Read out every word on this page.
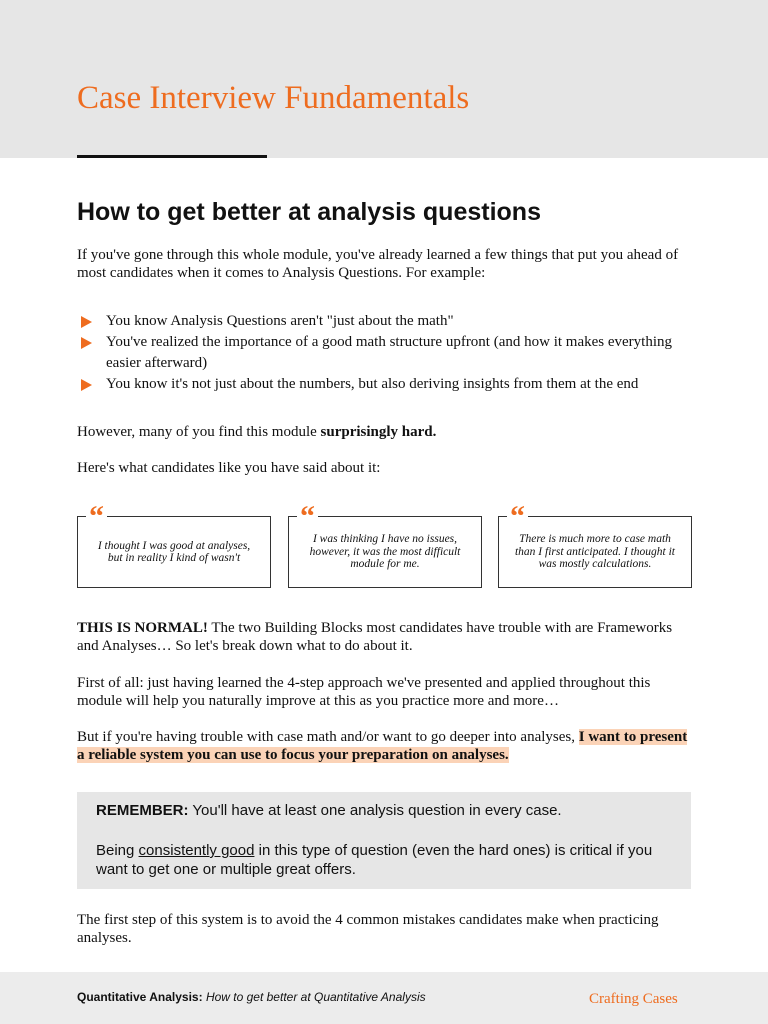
Case Interview Fundamentals
How to get better at analysis questions
If you've gone through this whole module, you've already learned a few things that put you ahead of most candidates when it comes to Analysis Questions. For example:
You know Analysis Questions aren't "just about the math"
You've realized the importance of a good math structure upfront (and how it makes everything easier afterward)
You know it's not just about the numbers, but also deriving insights from them at the end
However, many of you find this module surprisingly hard.
Here's what candidates like you have said about it:
“
I thought I was good at analyses, but in reality I kind of wasn't
“
I was thinking I have no issues, however, it was the most difficult module for me.
“
There is much more to case math than I first anticipated. I thought it was mostly calculations.
THIS IS NORMAL! The two Building Blocks most candidates have trouble with are Frameworks and Analyses… So let's break down what to do about it.
First of all: just having learned the 4-step approach we've presented and applied throughout this module will help you naturally improve at this as you practice more and more…
But if you're having trouble with case math and/or want to go deeper into analyses, I want to present a reliable system you can use to focus your preparation on analyses.
REMEMBER: You'll have at least one analysis question in every case.
Being consistently good in this type of question (even the hard ones) is critical if you want to get one or multiple great offers.
The first step of this system is to avoid the 4 common mistakes candidates make when practicing analyses.
Quantitative Analysis: How to get better at Quantitative Analysis	Crafting Cases
